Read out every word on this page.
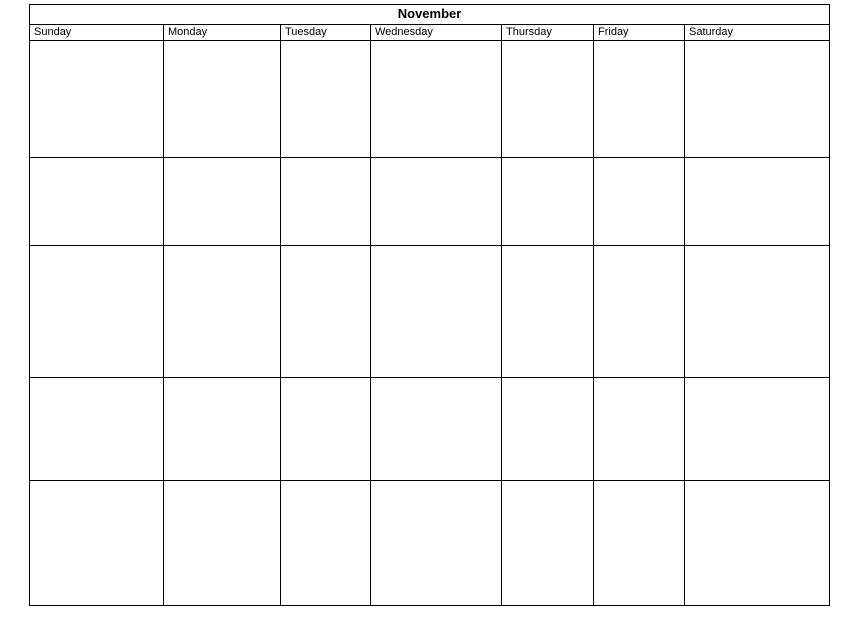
November						
Sunday	Monday	Tuesday	Wednesday	Thursday	Friday	Saturday
